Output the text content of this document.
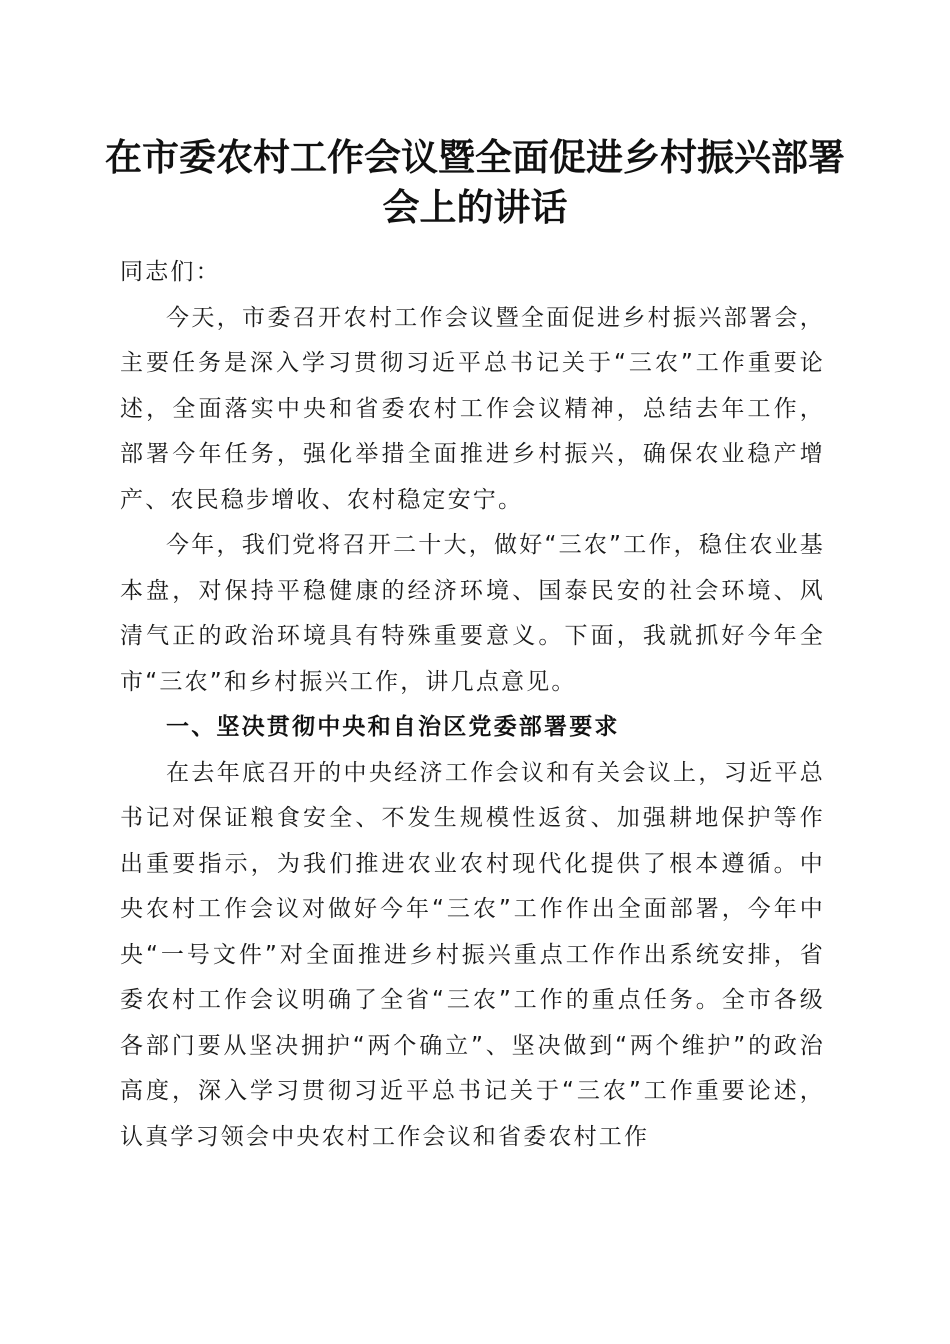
在市委农村工作会议暨全面促进乡村振兴部署
会上的讲话

同志们：

今天，市委召开农村工作会议暨全面促进乡村振兴部署会，主要任务是深入学习贯彻习近平总书记关于“三农”工作重要论述，全面落实中央和省委农村工作会议精神，总结去年工作，部署今年任务，强化举措全面推进乡村振兴，确保农业稳产增产、农民稳步增收、农村稳定安宁。

今年，我们党将召开二十大，做好“三农”工作，稳住农业基本盘，对保持平稳健康的经济环境、国泰民安的社会环境、风清气正的政治环境具有特殊重要意义。下面，我就抓好今年全市“三农”和乡村振兴工作，讲几点意见。

一、坚决贯彻中央和自治区党委部署要求

在去年底召开的中央经济工作会议和有关会议上，习近平总书记对保证粮食安全、不发生规模性返贫、加强耕地保护等作出重要指示，为我们推进农业农村现代化提供了根本遵循。中央农村工作会议对做好今年“三农”工作作出全面部署，今年中央“一号文件”对全面推进乡村振兴重点工作作出系统安排，省委农村工作会议明确了全省“三农”工作的重点任务。全市各级各部门要从坚决拥护“两个确立”、坚决做到“两个维护”的政治高度，深入学习贯彻习近平总书记关于“三农”工作重要论述，认真学习领会中央农村工作会议和省委农村工作
